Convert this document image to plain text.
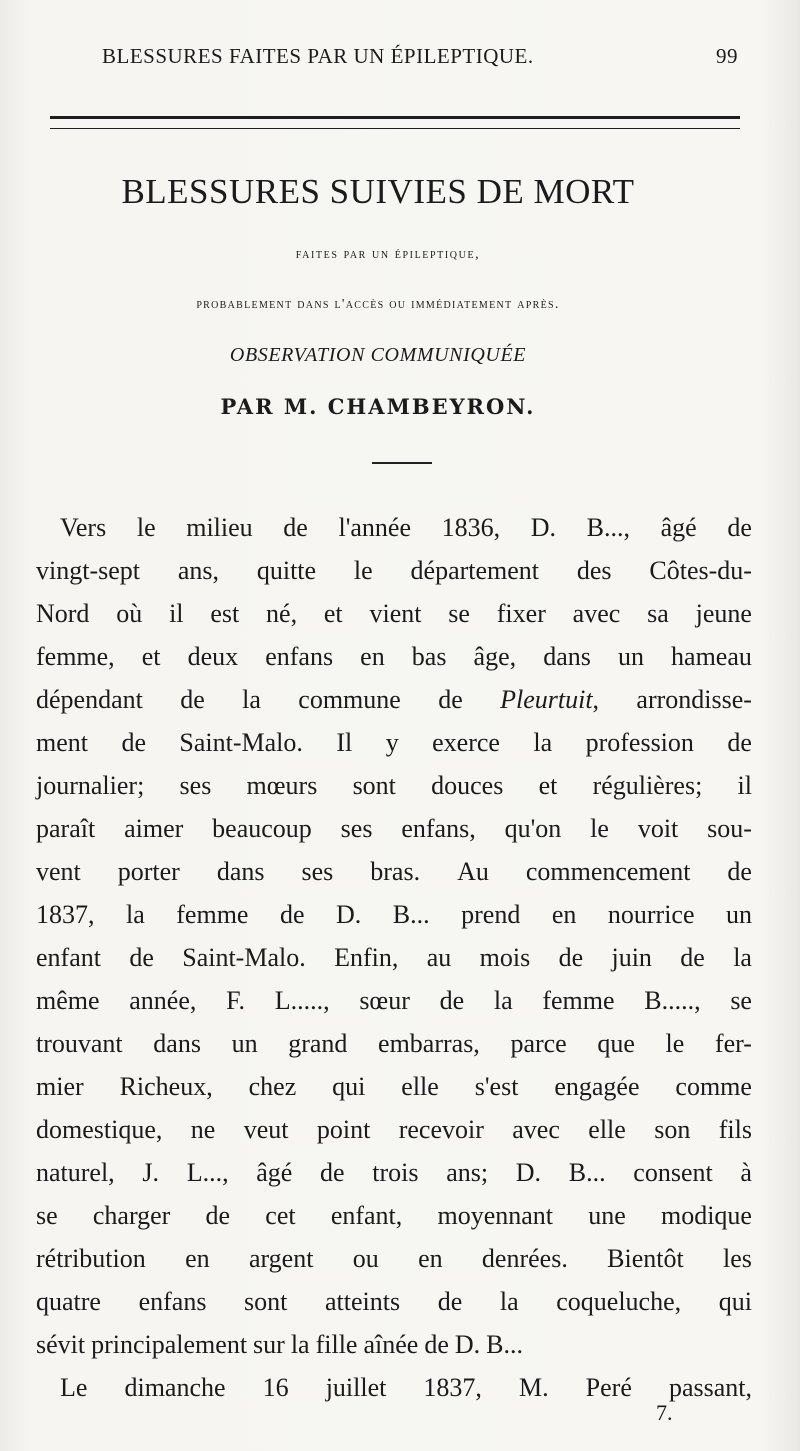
BLESSURES FAITES PAR UN ÉPILEPTIQUE.	99
BLESSURES SUIVIES DE MORT
faites par un épileptique,
probablement dans l'accès ou immédiatement après.
OBSERVATION COMMUNIQUÉE
PAR M. CHAMBEYRON.
Vers le milieu de l'année 1836, D. B..., âgé de
vingt-sept ans, quitte le département des Côtes-du-
Nord où il est né, et vient se fixer avec sa jeune
femme, et deux enfans en bas âge, dans un hameau
dépendant de la commune de Pleurtuit, arrondisse-
ment de Saint-Malo. Il y exerce la profession de
journalier; ses mœurs sont douces et régulières; il
paraît aimer beaucoup ses enfans, qu'on le voit sou-
vent porter dans ses bras. Au commencement de
1837, la femme de D. B... prend en nourrice un
enfant de Saint-Malo. Enfin, au mois de juin de la
même année, F. L....., sœur de la femme B....., se
trouvant dans un grand embarras, parce que le fer-
mier Richeux, chez qui elle s'est engagée comme
domestique, ne veut point recevoir avec elle son fils
naturel, J. L..., âgé de trois ans; D. B... consent à
se charger de cet enfant, moyennant une modique
rétribution en argent ou en denrées. Bientôt les
quatre enfans sont atteints de la coqueluche, qui
sévit principalement sur la fille aînée de D. B...
Le dimanche 16 juillet 1837, M. Peré passant,
7.
